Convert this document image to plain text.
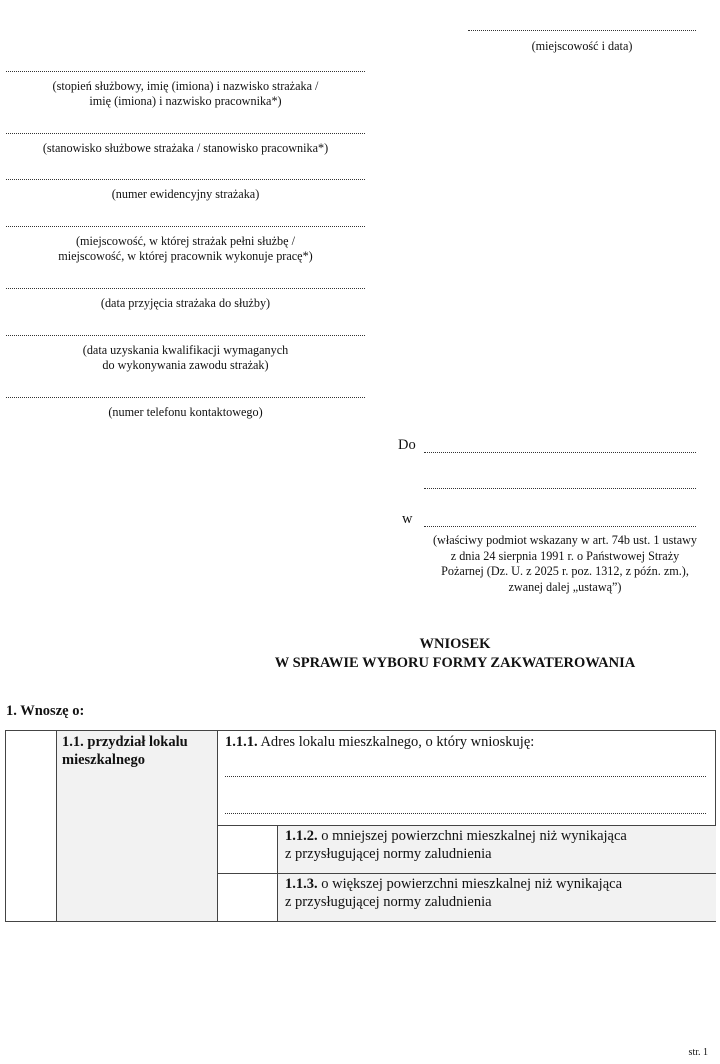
(miejscowość i data)
(stopień służbowy, imię (imiona) i nazwisko strażaka /
imię (imiona) i nazwisko pracownika*)
(stanowisko służbowe strażaka / stanowisko pracownika*)
(numer ewidencyjny strażaka)
(miejscowość, w której strażak pełni służbę /
miejscowość, w której pracownik wykonuje pracę*)
(data przyjęcia strażaka do służby)
(data uzyskania kwalifikacji wymaganych
do wykonywania zawodu strażak)
(numer telefonu kontaktowego)
Do
w
(właściwy podmiot wskazany w art. 74b ust. 1 ustawy
z dnia 24 sierpnia 1991 r. o Państwowej Straży
Pożarnej (Dz. U. z 2025 r. poz. 1312, z późn. zm.),
zwanej dalej „ustawą”)
WNIOSEK
W SPRAWIE WYBORU FORMY ZAKWATEROWANIA
1. Wnoszę o:
1.1. przydział lokalu
mieszkalnego
1.1.1. Adres lokalu mieszkalnego, o który wnioskuję:
1.1.2. o mniejszej powierzchni mieszkalnej niż wynikająca
z przysługującej normy zaludnienia
1.1.3. o większej powierzchni mieszkalnej niż wynikająca
z przysługującej normy zaludnienia
str. 1
